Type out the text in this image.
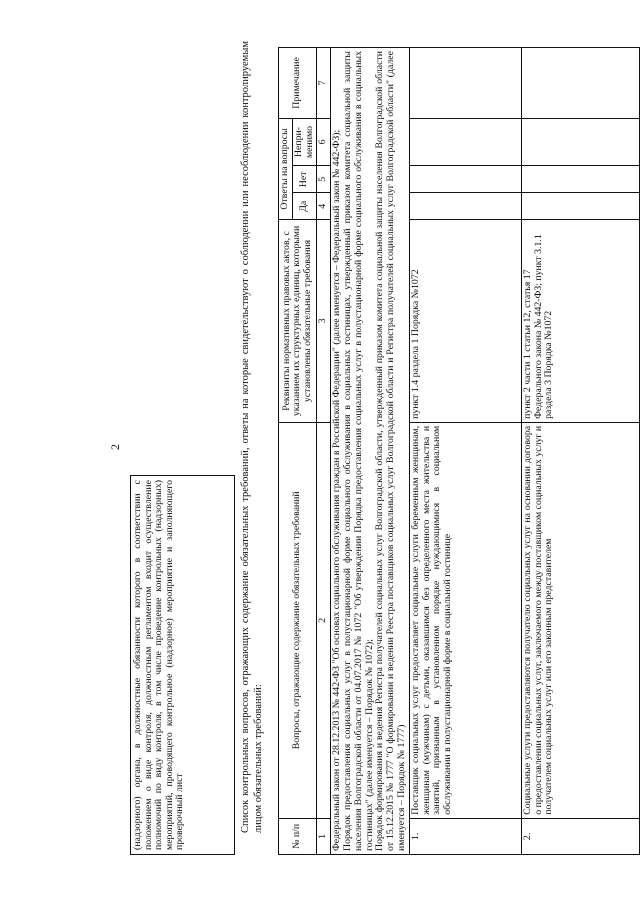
2

(надзорного) органа, в должностные обязанности которого в соответствии с положением о виде контроля, должностным регламентом входит осуществление полномочий по виду контроля, в том числе проведение контрольных (надзорных) мероприятий, проводящего контрольное (надзорное) мероприятие и заполняющего проверочный лист	Список контрольных вопросов, отражающих содержание обязательных требований, ответы на которые свидетельствуют о соблюдении или несоблюдении контролируемым лицом обязательных требований:

№ п/п	Вопросы, отражающие содержание обязательных требований	Реквизиты нормативных правовых актов, с указанием их структурных единиц, которыми установлены обязательные требования	Ответы на вопросы			Примечание
			Да	Нет	Непри-менимо	
1	2	3	4	5	6	7

Федеральный закон от 28.12.2013 № 442-ФЗ "Об основах социального обслуживания граждан в Российской Федерации" (далее именуется – Федеральный закон № 442-ФЗ); Порядок предоставления социальных услуг в полустационарной форме социального обслуживания в социальных гостиницах, утвержденный приказом комитета социальной защиты населения Волгоградской области от 04.07.2017 № 1072 "Об утверждении Порядка предоставления социальных услуг в полустационарной форме социального обслуживания в социальных гостиницах" (далее именуется – Порядок № 1072); Порядок формирования и ведения Регистра получателей социальных услуг Волгоградской области, утвержденный приказом комитета социальной защиты населения Волгоградской области от 15.12.2015 № 1777 "О формировании и ведении Реестра поставщиков социальных услуг Волгоградской области и Регистра получателей социальных услуг Волгоградской области" (далее именуется – Порядок № 1777)						

1.	Поставщик социальных услуг предоставляет социальные услуги беременным женщинам, женщинам (мужчинам) с детьми, оказавшимся без определенного места жительства и занятий, признанным в установленном порядке нуждающимися в социальном обслуживании в полустационарной форме в социальной гостинице	пункт 1.4 раздела 1 Порядка №1072				
2.	Социальные услуги предоставляются получателю социальных услуг на основании договора о предоставлении социальных услуг, заключаемого между поставщиком социальных услуг и получателем социальных услуг или его законным представителем	пункт 2 части 1 статьи 12, статья 17 Федерального закона № 442-ФЗ; пункт 3.1.1 раздела 3 Порядка №1072				
